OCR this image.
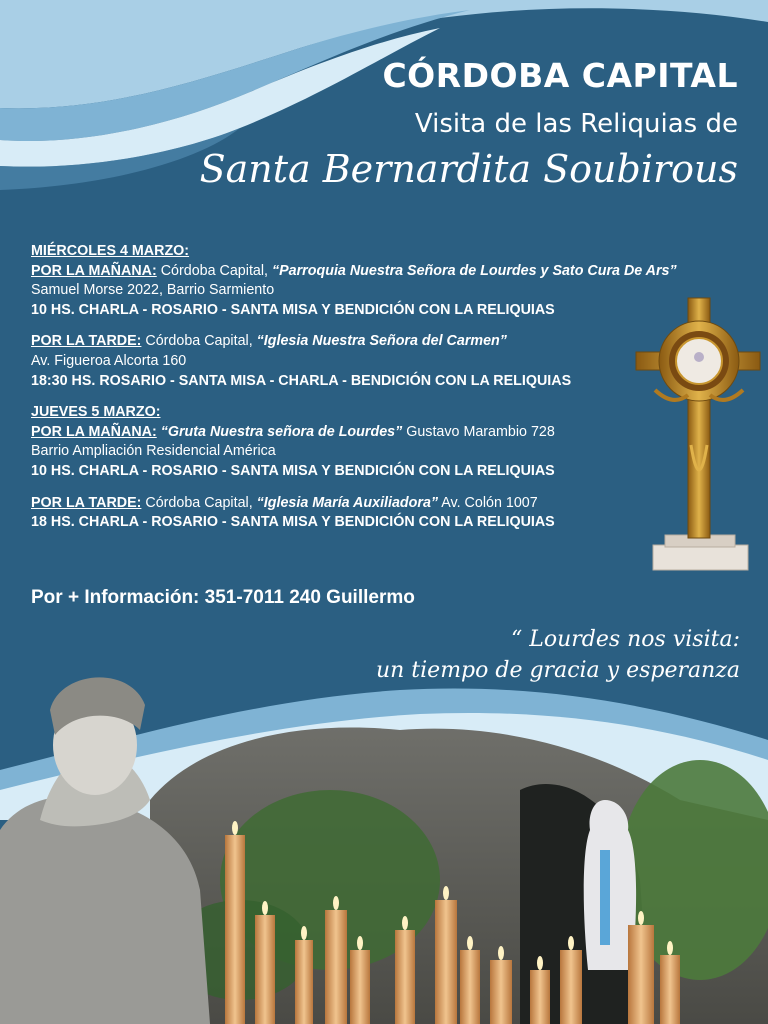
CÓRDOBA CAPITAL
Visita de las Reliquias de
Santa Bernardita Soubirous

MIÉRCOLES 4 MARZO:

POR LA MAÑANA: Córdoba Capital, “Parroquia Nuestra Señora de Lourdes y Sato Cura De Ars” Samuel Morse 2022, Barrio Sarmiento

10 HS. CHARLA - ROSARIO - SANTA MISA Y BENDICIÓN CON LA RELIQUIAS

POR LA TARDE: Córdoba Capital, “Iglesia Nuestra Señora del Carmen”

Av. Figueroa Alcorta 160

18:30 HS. ROSARIO - SANTA MISA - CHARLA - BENDICIÓN CON LA RELIQUIAS

JUEVES 5 MARZO:

POR LA MAÑANA: “Gruta Nuestra señora de Lourdes” Gustavo Marambio 728

Barrio Ampliación Residencial América

10 HS. CHARLA - ROSARIO - SANTA MISA Y BENDICIÓN CON LA RELIQUIAS

POR LA TARDE: Córdoba Capital, “Iglesia María Auxiliadora” Av. Colón 1007

18 HS. CHARLA - ROSARIO - SANTA MISA Y BENDICIÓN CON LA RELIQUIAS

Por + Información: 351-7011 240 Guillermo
“ Lourdes nos visita:
un tiempo de gracia y esperanza
